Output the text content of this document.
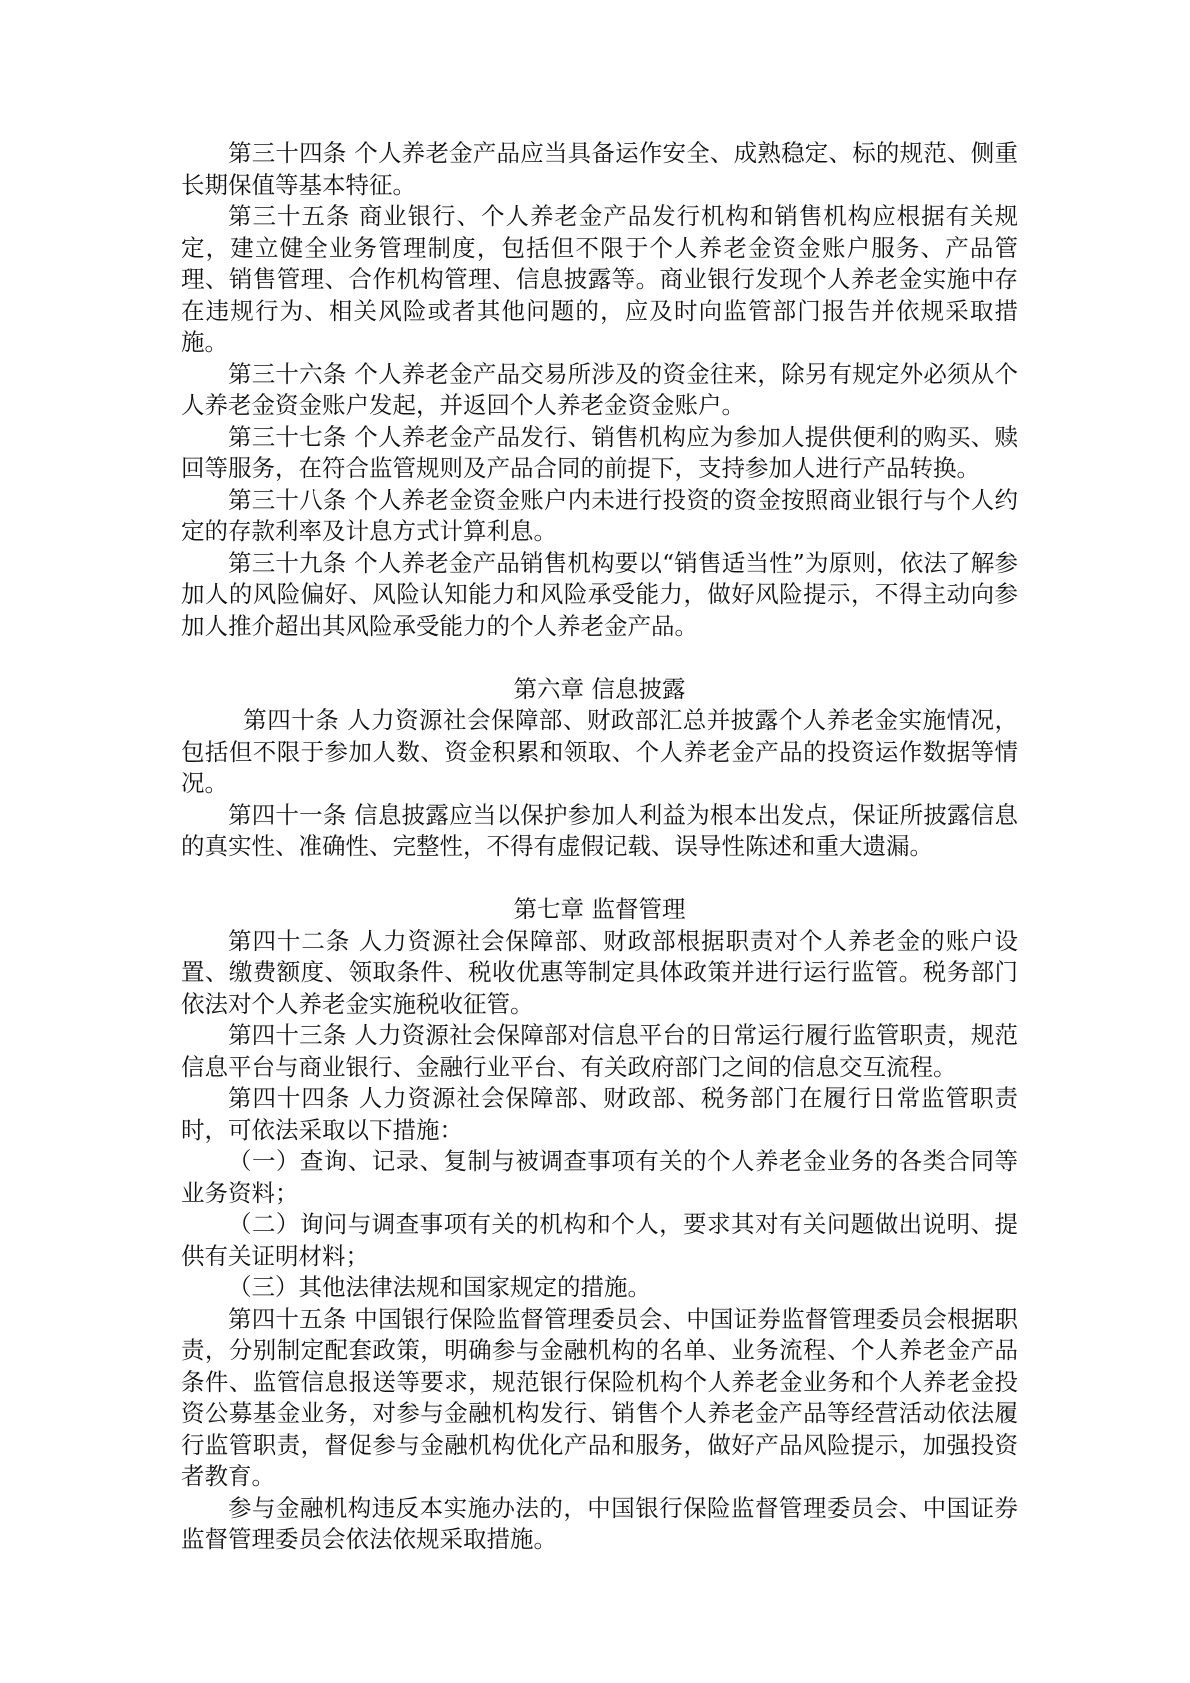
第三十四条 个人养老金产品应当具备运作安全、成熟稳定、标的规范、侧重长期保值等基本特征。

第三十五条 商业银行、个人养老金产品发行机构和销售机构应根据有关规定，建立健全业务管理制度，包括但不限于个人养老金资金账户服务、产品管理、销售管理、合作机构管理、信息披露等。商业银行发现个人养老金实施中存在违规行为、相关风险或者其他问题的，应及时向监管部门报告并依规采取措施。

第三十六条 个人养老金产品交易所涉及的资金往来，除另有规定外必须从个人养老金资金账户发起，并返回个人养老金资金账户。

第三十七条 个人养老金产品发行、销售机构应为参加人提供便利的购买、赎回等服务，在符合监管规则及产品合同的前提下，支持参加人进行产品转换。

第三十八条 个人养老金资金账户内未进行投资的资金按照商业银行与个人约定的存款利率及计息方式计算利息。

第三十九条 个人养老金产品销售机构要以“销售适当性”为原则，依法了解参加人的风险偏好、风险认知能力和风险承受能力，做好风险提示，不得主动向参加人推介超出其风险承受能力的个人养老金产品。

第六章 信息披露

第四十条 人力资源社会保障部、财政部汇总并披露个人养老金实施情况，包括但不限于参加人数、资金积累和领取、个人养老金产品的投资运作数据等情况。

第四十一条 信息披露应当以保护参加人利益为根本出发点，保证所披露信息的真实性、准确性、完整性，不得有虚假记载、误导性陈述和重大遗漏。

第七章 监督管理

第四十二条 人力资源社会保障部、财政部根据职责对个人养老金的账户设置、缴费额度、领取条件、税收优惠等制定具体政策并进行运行监管。税务部门依法对个人养老金实施税收征管。

第四十三条 人力资源社会保障部对信息平台的日常运行履行监管职责，规范信息平台与商业银行、金融行业平台、有关政府部门之间的信息交互流程。

第四十四条 人力资源社会保障部、财政部、税务部门在履行日常监管职责时，可依法采取以下措施：

（一）查询、记录、复制与被调查事项有关的个人养老金业务的各类合同等业务资料；

（二）询问与调查事项有关的机构和个人，要求其对有关问题做出说明、提供有关证明材料；

（三）其他法律法规和国家规定的措施。

第四十五条 中国银行保险监督管理委员会、中国证券监督管理委员会根据职责，分别制定配套政策，明确参与金融机构的名单、业务流程、个人养老金产品条件、监管信息报送等要求，规范银行保险机构个人养老金业务和个人养老金投资公募基金业务，对参与金融机构发行、销售个人养老金产品等经营活动依法履行监管职责，督促参与金融机构优化产品和服务，做好产品风险提示，加强投资者教育。

参与金融机构违反本实施办法的，中国银行保险监督管理委员会、中国证券监督管理委员会依法依规采取措施。
